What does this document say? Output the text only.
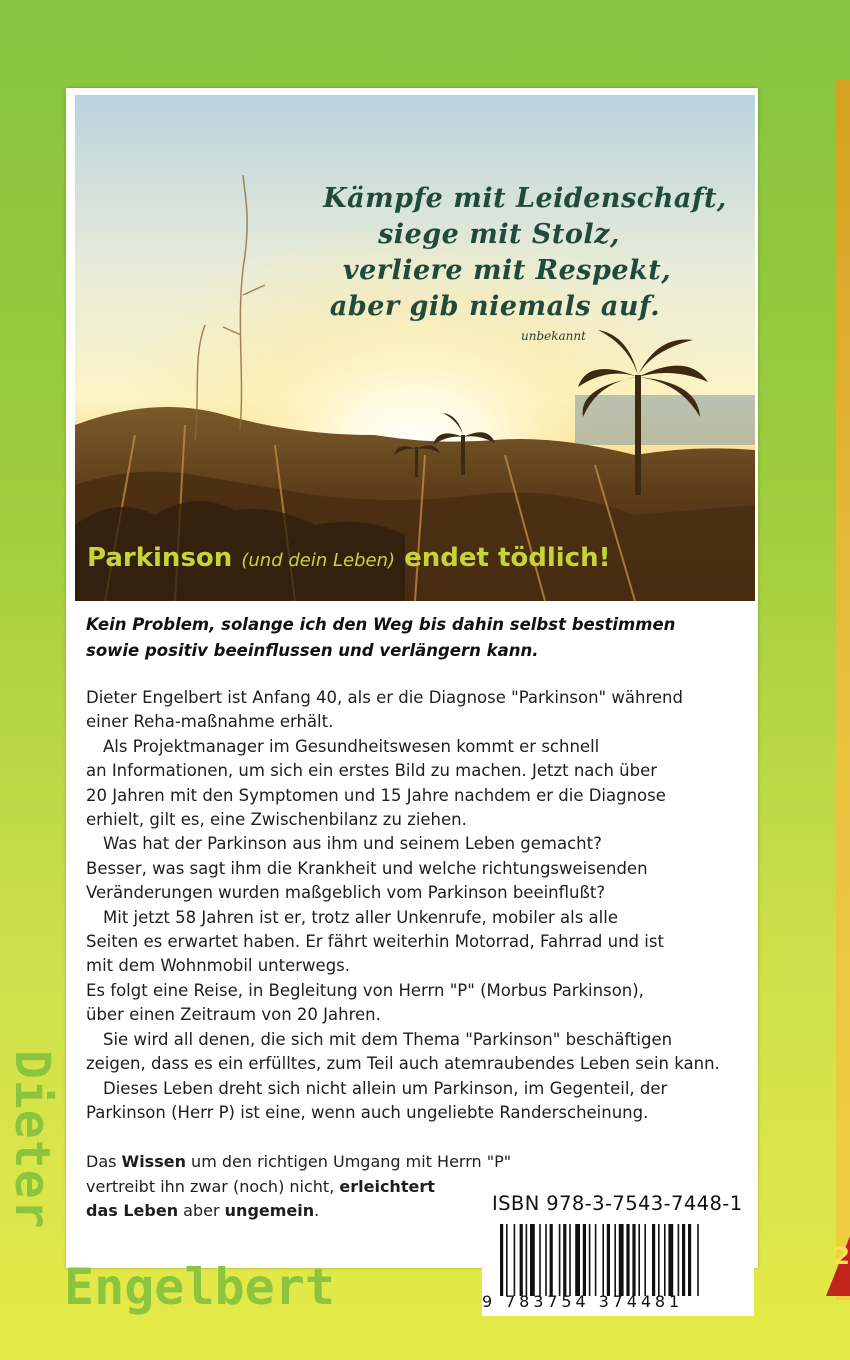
2
Kämpfe mit Leidenschaft,
siege mit Stolz,
verliere mit Respekt,
aber gib niemals auf.
unbekannt
Parkinson (und dein Leben) endet tödlich!
Kein Problem, solange ich den Weg bis dahin selbst bestimmen
sowie positiv beeinflussen und verlängern kann.
Dieter Engelbert ist Anfang 40, als er die Diagnose "Parkinson" während
einer Reha-maßnahme erhält.
Als Projektmanager im Gesundheitswesen kommt er schnell
an Informationen, um sich ein erstes Bild zu machen. Jetzt nach über
20 Jahren mit den Symptomen und 15 Jahre nachdem er die Diagnose
erhielt, gilt es, eine Zwischenbilanz zu ziehen.
Was hat der Parkinson aus ihm und seinem Leben gemacht?
Besser, was sagt ihm die Krankheit und welche richtungsweisenden
Veränderungen wurden maßgeblich vom Parkinson beeinflußt?
Mit jetzt 58 Jahren ist er, trotz aller Unkenrufe, mobiler als alle
Seiten es erwartet haben. Er fährt weiterhin Motorrad, Fahrrad und ist
mit dem Wohnmobil unterwegs.
Es folgt eine Reise, in Begleitung von Herrn "P" (Morbus Parkinson),
über einen Zeitraum von 20 Jahren.
Sie wird all denen, die sich mit dem Thema "Parkinson" beschäftigen
zeigen, dass es ein erfülltes, zum Teil auch atemraubendes Leben sein kann.
Dieses Leben dreht sich nicht allein um Parkinson, im Gegenteil, der
Parkinson (Herr P) ist eine, wenn auch ungeliebte Randerscheinung.
Das Wissen um den richtigen Umgang mit Herrn "P"
vertreibt ihn zwar (noch) nicht, erleichtert
das Leben aber ungemein.	ISBN 978-3-7543-7448-1
9 783754 374481
Dieter
Engelbert
